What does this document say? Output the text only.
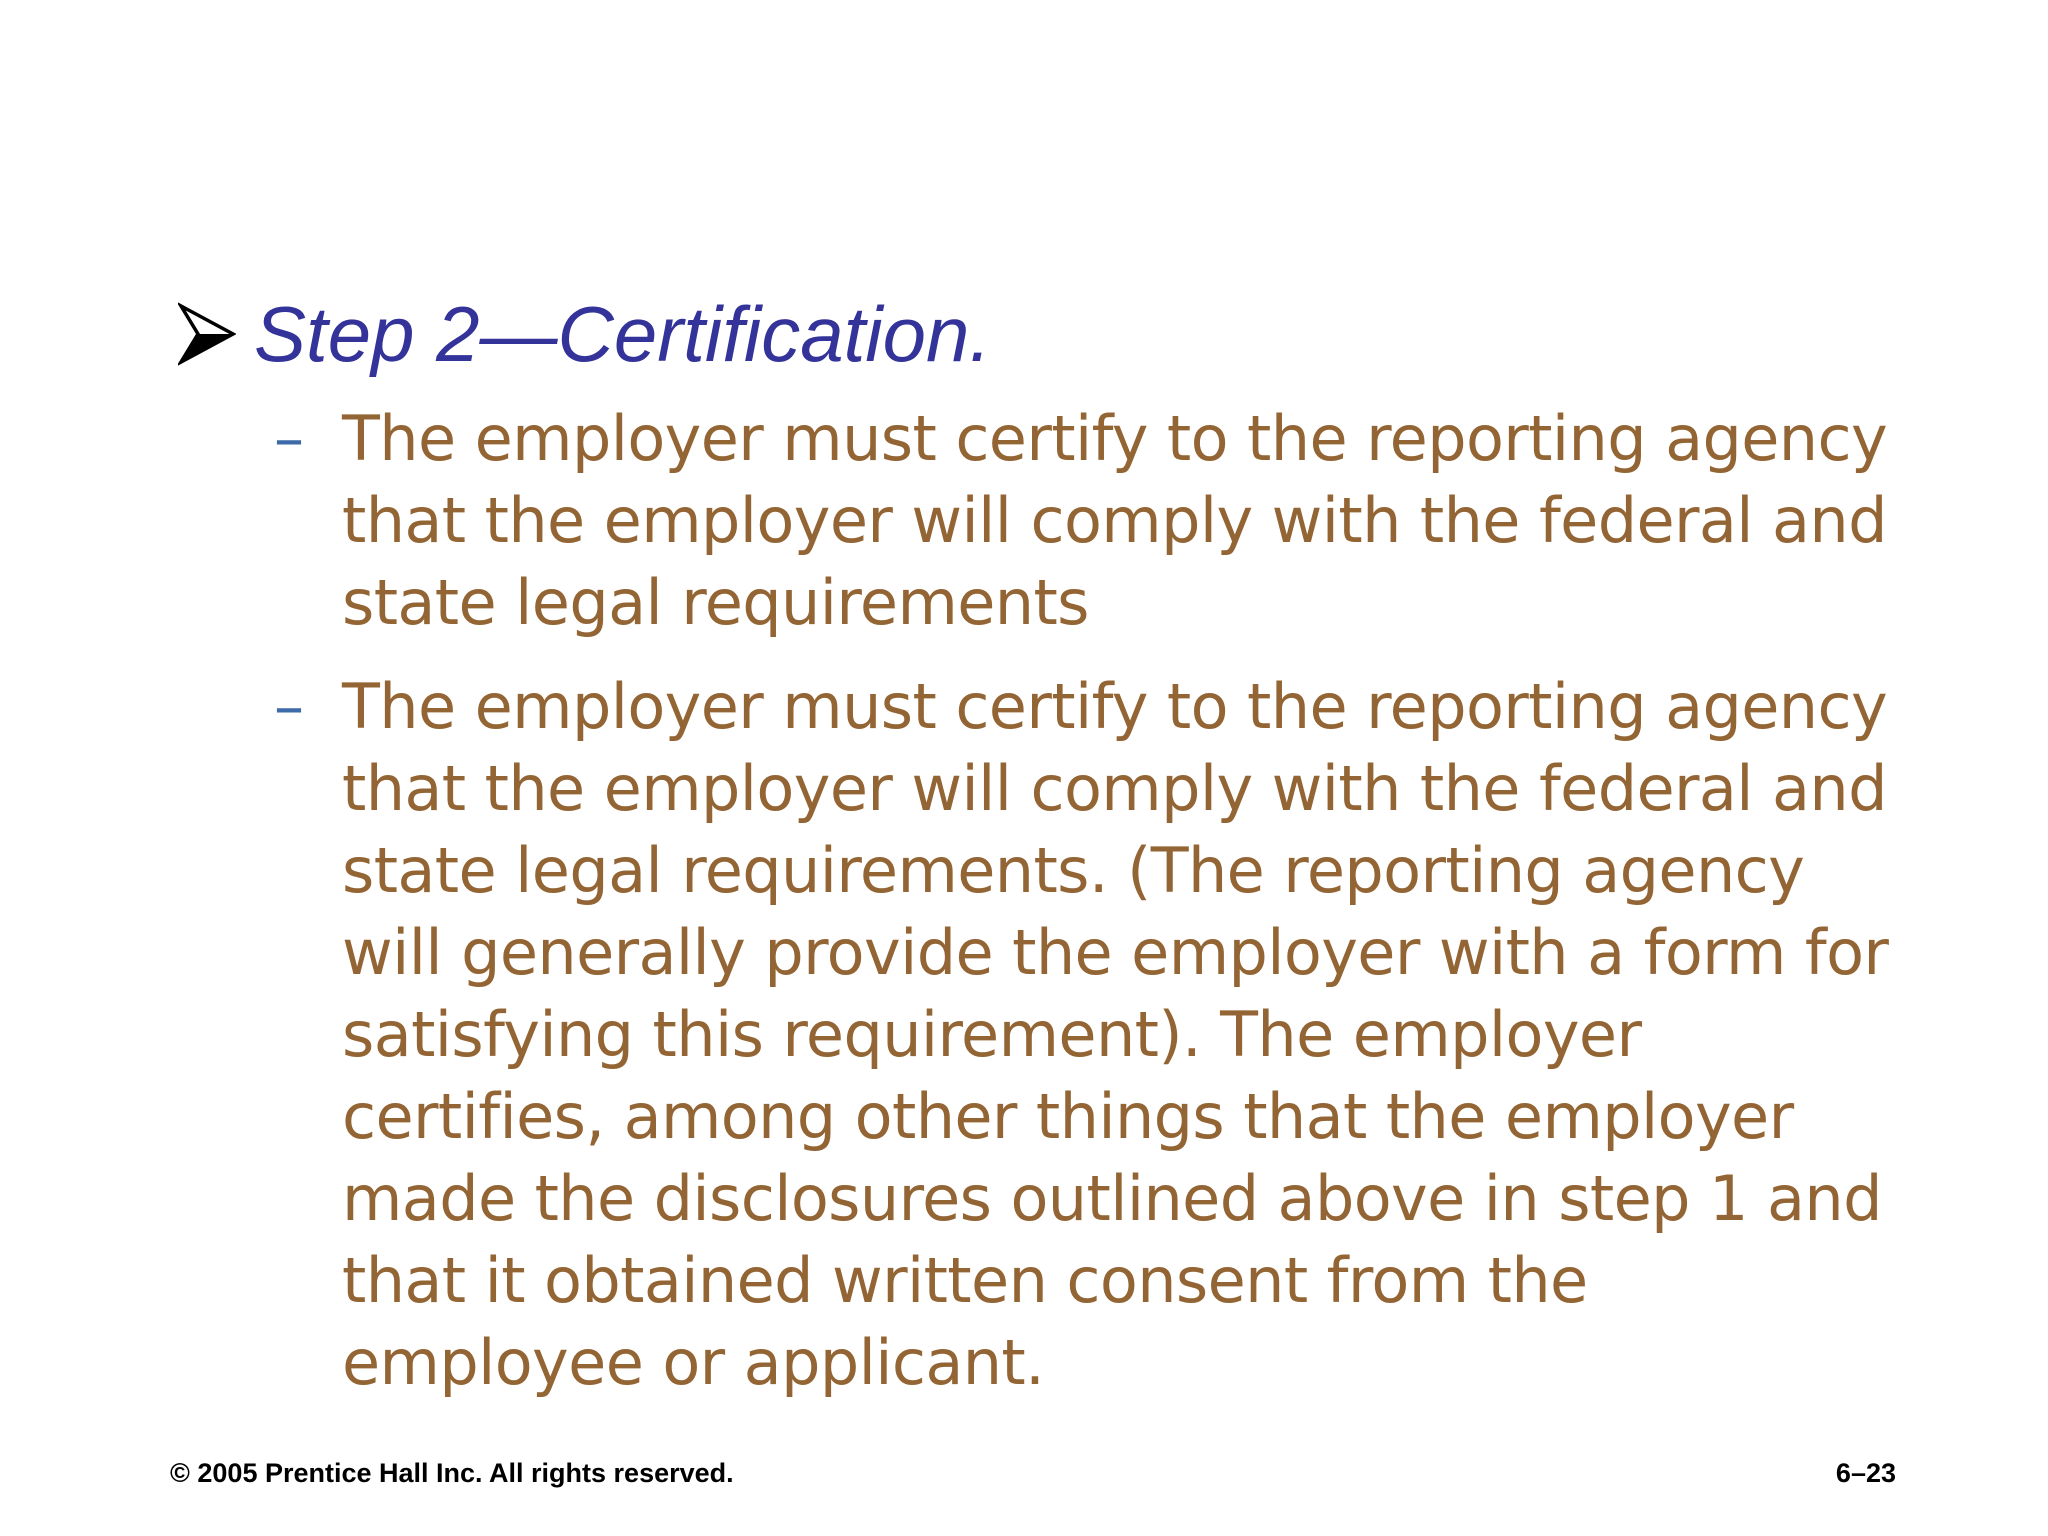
Step 2—Certification.
– The employer must certify to the reporting agency
that the employer will comply with the federal and
state legal requirements
– The employer must certify to the reporting agency
that the employer will comply with the federal and
state legal requirements. (The reporting agency
will generally provide the employer with a form for
satisfying this requirement). The employer
certifies, among other things that the employer
made the disclosures outlined above in step 1 and
that it obtained written consent from the
employee or applicant.
© 2005 Prentice Hall Inc. All rights reserved.	6–23
